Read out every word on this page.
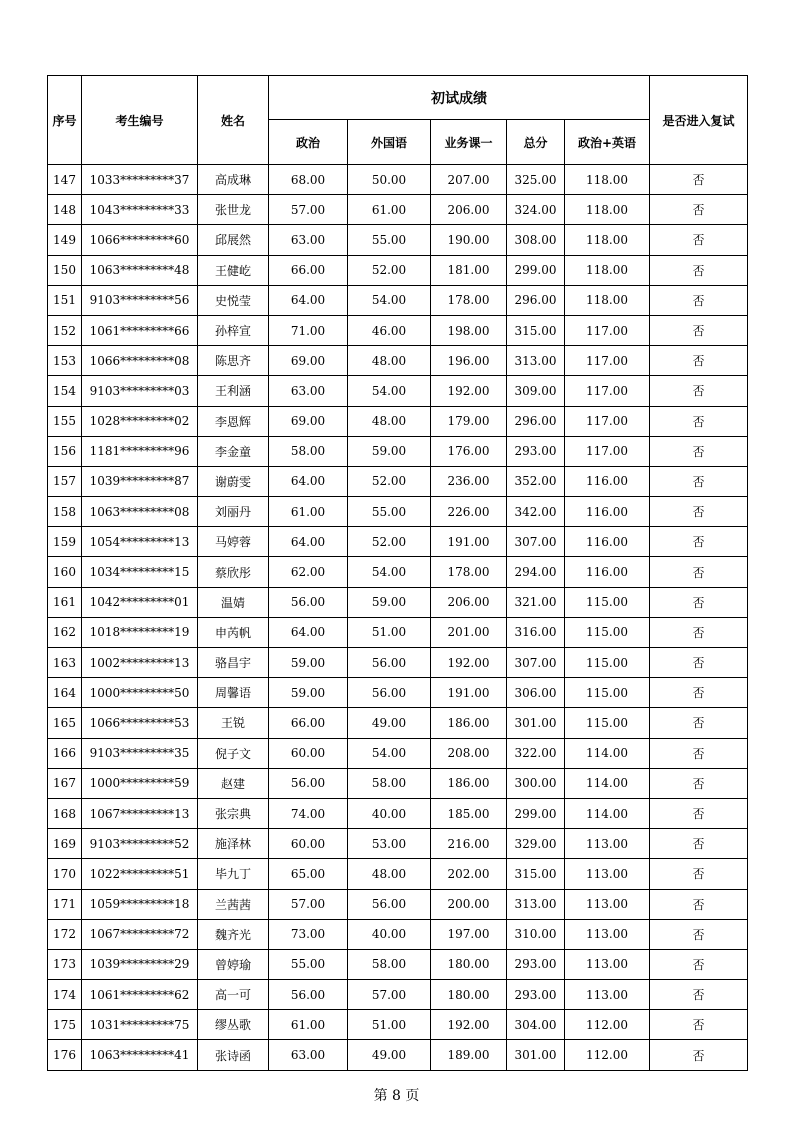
序号	考生编号	姓名	初试成绩					是否进入复试
			政治	外国语	业务课一	总分	政治+英语	
147	1033*********37	高成琳	68.00	50.00	207.00	325.00	118.00	否
148	1043*********33	张世龙	57.00	61.00	206.00	324.00	118.00	否
149	1066*********60	邱展然	63.00	55.00	190.00	308.00	118.00	否
150	1063*********48	王健屹	66.00	52.00	181.00	299.00	118.00	否
151	9103*********56	史悦莹	64.00	54.00	178.00	296.00	118.00	否
152	1061*********66	孙梓宣	71.00	46.00	198.00	315.00	117.00	否
153	1066*********08	陈思齐	69.00	48.00	196.00	313.00	117.00	否
154	9103*********03	王利涵	63.00	54.00	192.00	309.00	117.00	否
155	1028*********02	李恩辉	69.00	48.00	179.00	296.00	117.00	否
156	1181*********96	李金童	58.00	59.00	176.00	293.00	117.00	否
157	1039*********87	谢蔚雯	64.00	52.00	236.00	352.00	116.00	否
158	1063*********08	刘丽丹	61.00	55.00	226.00	342.00	116.00	否
159	1054*********13	马婷蓉	64.00	52.00	191.00	307.00	116.00	否
160	1034*********15	蔡欣彤	62.00	54.00	178.00	294.00	116.00	否
161	1042*********01	温婧	56.00	59.00	206.00	321.00	115.00	否
162	1018*********19	申芮帆	64.00	51.00	201.00	316.00	115.00	否
163	1002*********13	骆昌宇	59.00	56.00	192.00	307.00	115.00	否
164	1000*********50	周馨语	59.00	56.00	191.00	306.00	115.00	否
165	1066*********53	王锐	66.00	49.00	186.00	301.00	115.00	否
166	9103*********35	倪子文	60.00	54.00	208.00	322.00	114.00	否
167	1000*********59	赵建	56.00	58.00	186.00	300.00	114.00	否
168	1067*********13	张宗典	74.00	40.00	185.00	299.00	114.00	否
169	9103*********52	施泽林	60.00	53.00	216.00	329.00	113.00	否
170	1022*********51	毕九丁	65.00	48.00	202.00	315.00	113.00	否
171	1059*********18	兰茜茜	57.00	56.00	200.00	313.00	113.00	否
172	1067*********72	魏齐光	73.00	40.00	197.00	310.00	113.00	否
173	1039*********29	曾婷瑜	55.00	58.00	180.00	293.00	113.00	否
174	1061*********62	高一可	56.00	57.00	180.00	293.00	113.00	否
175	1031*********75	缪丛歌	61.00	51.00	192.00	304.00	112.00	否
176	1063*********41	张诗函	63.00	49.00	189.00	301.00	112.00	否
第 8 页
